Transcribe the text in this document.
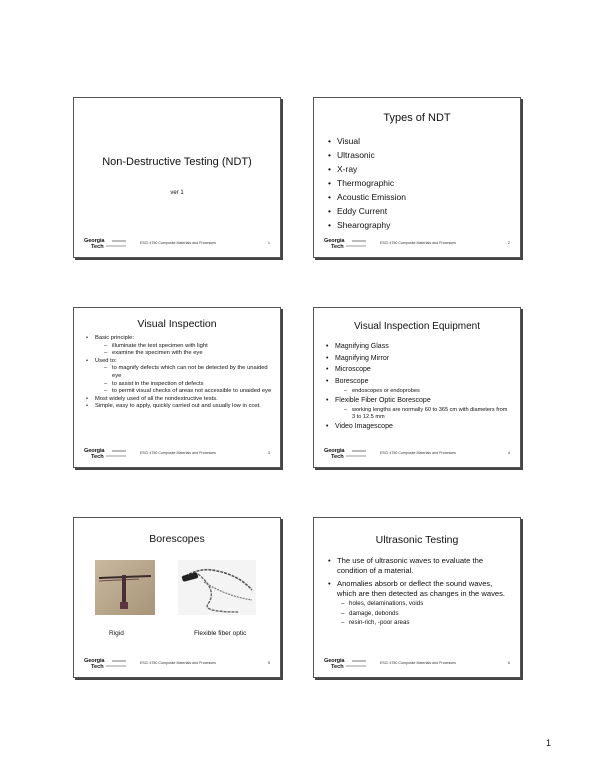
Non-Destructive Testing (NDT)
ver 1
Georgia
Tech
ESCI 4750 Composite Materials and Processes	1
Types of NDT
• Visual
• Ultrasonic
• X-ray
• Thermographic
• Acoustic Emission
• Eddy Current
• Shearography
Georgia
Tech
ESCI 4750 Composite Materials and Processes	2
Visual Inspection
• Basic principle:
– illuminate the test specimen with light
– examine the specimen with the eye
• Used to:
– to magnify defects which can not be detected by the unaided eye
– to assist in the inspection of defects
– to permit visual checks of areas not accessible to unaided eye
• Most widely used of all the nondestructive tests.
• Simple, easy to apply, quickly carried out and usually low in cost.
Georgia
Tech
ESCI 4750 Composite Materials and Processes	3
Visual Inspection Equipment
• Magnifying Glass
• Magnifying Mirror
• Microscope
• Borescope
– endoscopes or endoprobes
• Flexible Fiber Optic Borescope
– working lengths are normally 60 to 365 cm with diameters from 3 to 12.5 mm
• Video Imagescope
Georgia
Tech
ESCI 4750 Composite Materials and Processes	4
Borescopes
Rigid	Flexible fiber optic
Georgia
Tech
ESCI 4750 Composite Materials and Processes	5
Ultrasonic Testing
• The use of ultrasonic waves to evaluate the condition of a material.
• Anomalies absorb or deflect the sound waves, which are then detected as changes in the waves.
– holes, delaminations, voids
– damage, debonds
– resin-rich, -poor areas
Georgia
Tech
ESCI 4750 Composite Materials and Processes	6
1
